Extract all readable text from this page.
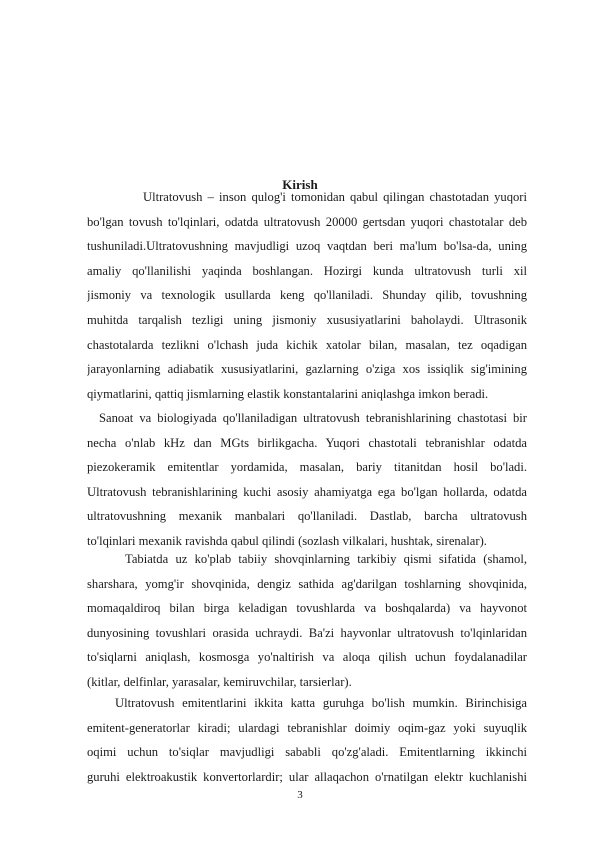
Kirish
Ultratovush – inson qulog'i tomonidan qabul qilingan chastotadan yuqori
bo'lgan tovush to'lqinlari, odatda ultratovush 20000 gertsdan yuqori chastotalar deb
tushuniladi.Ultratovushning mavjudligi uzoq vaqtdan beri ma'lum bo'lsa-da, uning
amaliy qo'llanilishi yaqinda boshlangan. Hozirgi kunda ultratovush turli xil
jismoniy va texnologik usullarda keng qo'llaniladi. Shunday qilib, tovushning
muhitda tarqalish tezligi uning jismoniy xususiyatlarini baholaydi. Ultrasonik
chastotalarda tezlikni o'lchash juda kichik xatolar bilan, masalan, tez oqadigan
jarayonlarning adiabatik xususiyatlarini, gazlarning o'ziga xos issiqlik sig'imining
qiymatlarini, qattiq jismlarning elastik konstantalarini aniqlashga imkon beradi.
Sanoat va biologiyada qo'llaniladigan ultratovush tebranishlarining chastotasi bir
necha o'nlab kHz dan MGts birlikgacha. Yuqori chastotali tebranishlar odatda
piezokeramik emitentlar yordamida, masalan, bariy titanitdan hosil bo'ladi.
Ultratovush tebranishlarining kuchi asosiy ahamiyatga ega bo'lgan hollarda, odatda
ultratovushning mexanik manbalari qo'llaniladi. Dastlab, barcha ultratovush
to'lqinlari mexanik ravishda qabul qilindi (sozlash vilkalari, hushtak, sirenalar).
Tabiatda uz ko'plab tabiiy shovqinlarning tarkibiy qismi sifatida (shamol,
sharshara, yomg'ir shovqinida, dengiz sathida ag'darilgan toshlarning shovqinida,
momaqaldiroq bilan birga keladigan tovushlarda va boshqalarda) va hayvonot
dunyosining tovushlari orasida uchraydi. Ba'zi hayvonlar ultratovush to'lqinlaridan
to'siqlarni aniqlash, kosmosga yo'naltirish va aloqa qilish uchun foydalanadilar
(kitlar, delfinlar, yarasalar, kemiruvchilar, tarsierlar).
Ultratovush emitentlarini ikkita katta guruhga bo'lish mumkin. Birinchisiga
emitent-generatorlar kiradi; ulardagi tebranishlar doimiy oqim-gaz yoki suyuqlik
oqimi uchun to'siqlar mavjudligi sababli qo'zg'aladi. Emitentlarning ikkinchi
guruhi elektroakustik konvertorlardir; ular allaqachon o'rnatilgan elektr kuchlanishi
3
